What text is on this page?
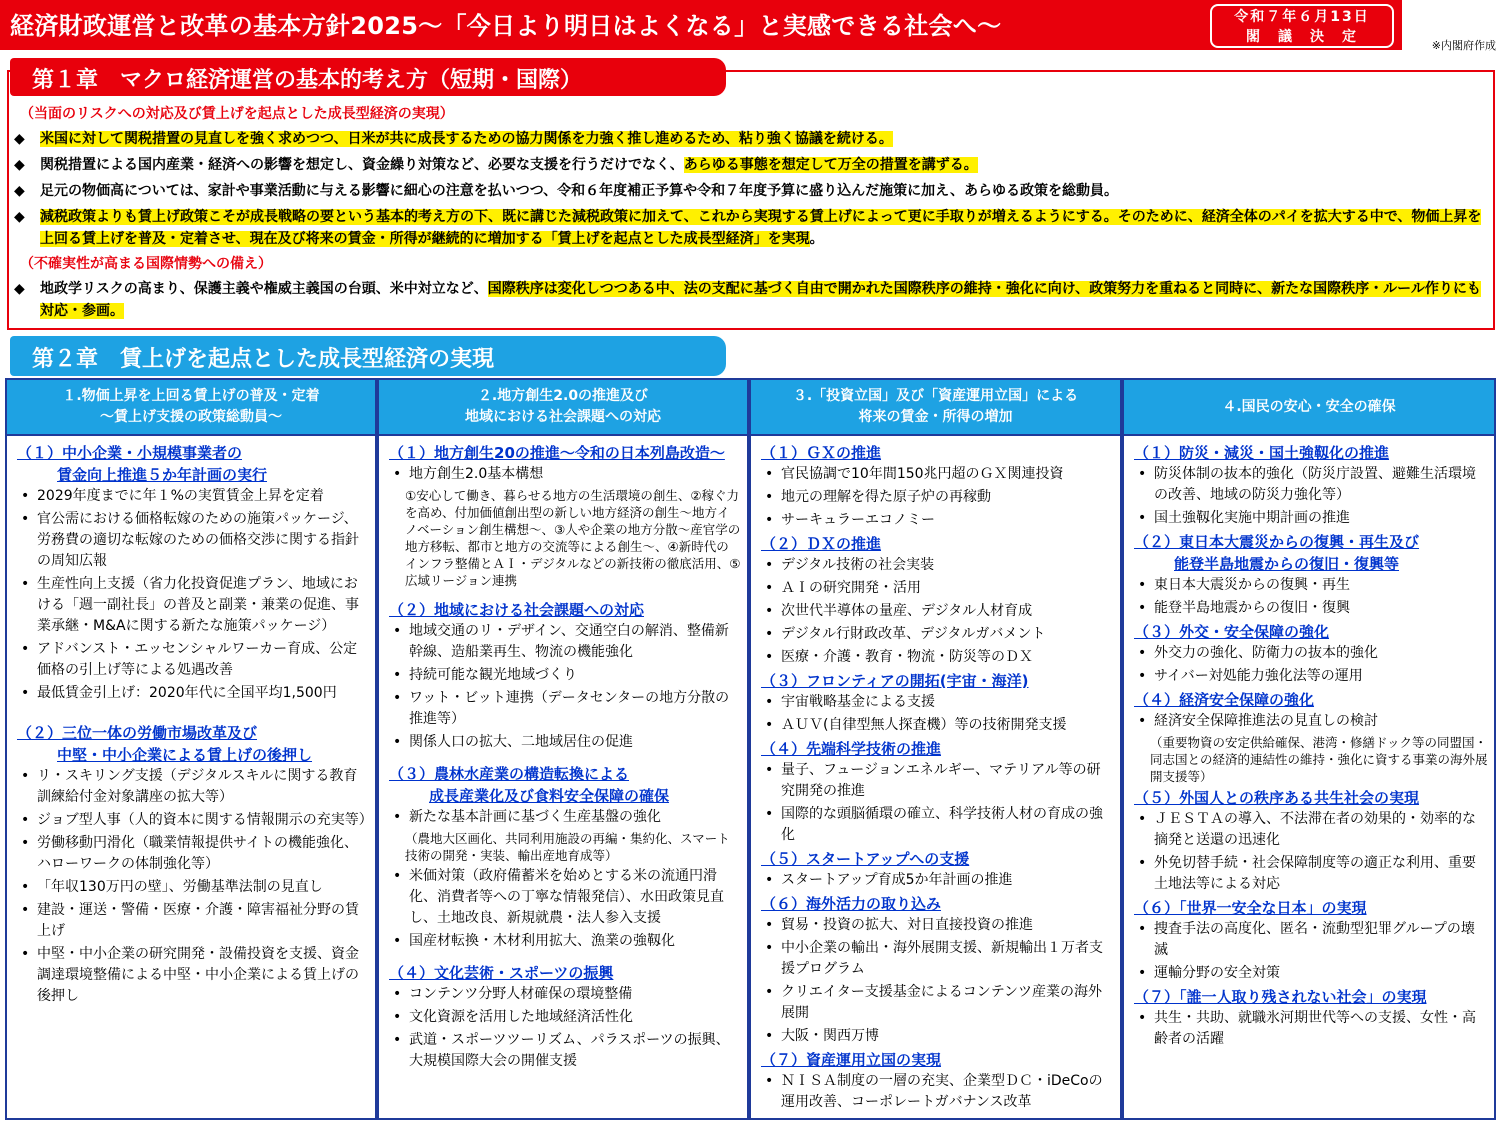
経済財政運営と改革の基本方針2025～「今日より明日はよくなる」と実感できる社会へ～	令和７年６月13日
閣　議　決　定
※内閣府作成
第１章　マクロ経済運営の基本的考え方（短期・国際）
（当面のリスクへの対応及び賃上げを起点とした成長型経済の実現）
◆ 米国に対して関税措置の見直しを強く求めつつ、日米が共に成長するための協力関係を力強く推し進めるため、粘り強く協議を続ける。
◆ 関税措置による国内産業・経済への影響を想定し、資金繰り対策など、必要な支援を行うだけでなく、あらゆる事態を想定して万全の措置を講ずる。
◆ 足元の物価高については、家計や事業活動に与える影響に細心の注意を払いつつ、令和６年度補正予算や令和７年度予算に盛り込んだ施策に加え、あらゆる政策を総動員。
◆ 減税政策よりも賃上げ政策こそが成長戦略の要という基本的考え方の下、既に講じた減税政策に加えて、これから実現する賃上げによって更に手取りが増えるようにする。そのために、経済全体のパイを拡大する中で、物価上昇を上回る賃上げを普及・定着させ、現在及び将来の賃金・所得が継続的に増加する「賃上げを起点とした成長型経済」を実現。
（不確実性が高まる国際情勢への備え）
◆ 地政学リスクの高まり、保護主義や権威主義国の台頭、米中対立など、国際秩序は変化しつつある中、法の支配に基づく自由で開かれた国際秩序の維持・強化に向け、政策努力を重ねると同時に、新たな国際秩序・ルール作りにも対応・参画。
第２章　賃上げを起点とした成長型経済の実現
１.物価上昇を上回る賃上げの普及・定着
～賃上げ支援の政策総動員～
（１）中小企業・小規模事業者の
賃金向上推進５か年計画の実行
• 2029年度までに年１%の実質賃金上昇を定着
• 官公需における価格転嫁のための施策パッケージ、労務費の適切な転嫁のための価格交渉に関する指針の周知広報
• 生産性向上支援（省力化投資促進プラン、地域における「週一副社長」の普及と副業・兼業の促進、事業承継・M&Aに関する新たな施策パッケージ）
• アドバンスト・エッセンシャルワーカー育成、公定価格の引上げ等による処遇改善
• 最低賃金引上げ：2020年代に全国平均1,500円
（２）三位一体の労働市場改革及び
中堅・中小企業による賃上げの後押し
• リ・スキリング支援（デジタルスキルに関する教育訓練給付金対象講座の拡大等）
• ジョブ型人事（人的資本に関する情報開示の充実等）
• 労働移動円滑化（職業情報提供サイトの機能強化、ハローワークの体制強化等）
• 「年収130万円の壁」、労働基準法制の見直し
• 建設・運送・警備・医療・介護・障害福祉分野の賃上げ
• 中堅・中小企業の研究開発・設備投資を支援、資金調達環境整備による中堅・中小企業による賃上げの後押し
２.地方創生2.0の推進及び
地域における社会課題への対応
（１）地方創生20の推進～令和の日本列島改造～
• 地方創生2.0基本構想
①安心して働き、暮らせる地方の生活環境の創生、②稼ぐ力を高め、付加価値創出型の新しい地方経済の創生～地方イノベーション創生構想～、③人や企業の地方分散～産官学の地方移転、都市と地方の交流等による創生～、④新時代のインフラ整備とＡＩ・デジタルなどの新技術の徹底活用、⑤広域リージョン連携
（２）地域における社会課題への対応
• 地域交通のリ・デザイン、交通空白の解消、整備新幹線、造船業再生、物流の機能強化
• 持続可能な観光地域づくり
• ワット・ビット連携（データセンターの地方分散の推進等）
• 関係人口の拡大、二地域居住の促進
（３）農林水産業の構造転換による
成長産業化及び食料安全保障の確保
• 新たな基本計画に基づく生産基盤の強化
（農地大区画化、共同利用施設の再編・集約化、スマート技術の開発・実装、輸出産地育成等）
• 米価対策（政府備蓄米を始めとする米の流通円滑化、消費者等への丁寧な情報発信）、水田政策見直し、土地改良、新規就農・法人参入支援
• 国産材転換・木材利用拡大、漁業の強靱化
（４）文化芸術・スポーツの振興
• コンテンツ分野人材確保の環境整備
• 文化資源を活用した地域経済活性化
• 武道・スポーツツーリズム、パラスポーツの振興、大規模国際大会の開催支援
３.「投資立国」及び「資産運用立国」による
将来の賃金・所得の増加
（１）ＧＸの推進
• 官民協調で10年間150兆円超のＧＸ関連投資
• 地元の理解を得た原子炉の再稼動
• サーキュラーエコノミー
（２）ＤＸの推進
• デジタル技術の社会実装
• ＡＩの研究開発・活用
• 次世代半導体の量産、デジタル人材育成
• デジタル行財政改革、デジタルガバメント
• 医療・介護・教育・物流・防災等のＤＸ
（３）フロンティアの開拓(宇宙・海洋)
• 宇宙戦略基金による支援
• ＡＵＶ(自律型無人探査機）等の技術開発支援
（４）先端科学技術の推進
• 量子、フュージョンエネルギー、マテリアル等の研究開発の推進
• 国際的な頭脳循環の確立、科学技術人材の育成の強化
（５）スタートアップへの支援
• スタートアップ育成5か年計画の推進
（６）海外活力の取り込み
• 貿易・投資の拡大、対日直接投資の推進
• 中小企業の輸出・海外展開支援、新規輸出１万者支援プログラム
• クリエイター支援基金によるコンテンツ産業の海外展開
• 大阪・関西万博
（７）資産運用立国の実現
• ＮＩＳＡ制度の一層の充実、企業型ＤＣ・iDeCoの運用改善、コーポレートガバナンス改革
４.国民の安心・安全の確保
（１）防災・減災・国土強靱化の推進
• 防災体制の抜本的強化（防災庁設置、避難生活環境の改善、地域の防災力強化等）
• 国土強靱化実施中期計画の推進
（２）東日本大震災からの復興・再生及び
能登半島地震からの復旧・復興等
• 東日本大震災からの復興・再生
• 能登半島地震からの復旧・復興
（３）外交・安全保障の強化
• 外交力の強化、防衛力の抜本的強化
• サイバー対処能力強化法等の運用
（４）経済安全保障の強化
• 経済安全保障推進法の見直しの検討
（重要物資の安定供給確保、港湾・修繕ドック等の同盟国・同志国との経済的連結性の維持・強化に資する事業の海外展開支援等）
（５）外国人との秩序ある共生社会の実現
• ＪＥＳＴＡの導入、不法滞在者の効果的・効率的な摘発と送還の迅速化
• 外免切替手続・社会保障制度等の適正な利用、重要土地法等による対応
（６）「世界一安全な日本」の実現
• 捜査手法の高度化、匿名・流動型犯罪グループの壊滅
• 運輸分野の安全対策
（７）「誰一人取り残されない社会」の実現
• 共生・共助、就職氷河期世代等への支援、女性・高齢者の活躍
